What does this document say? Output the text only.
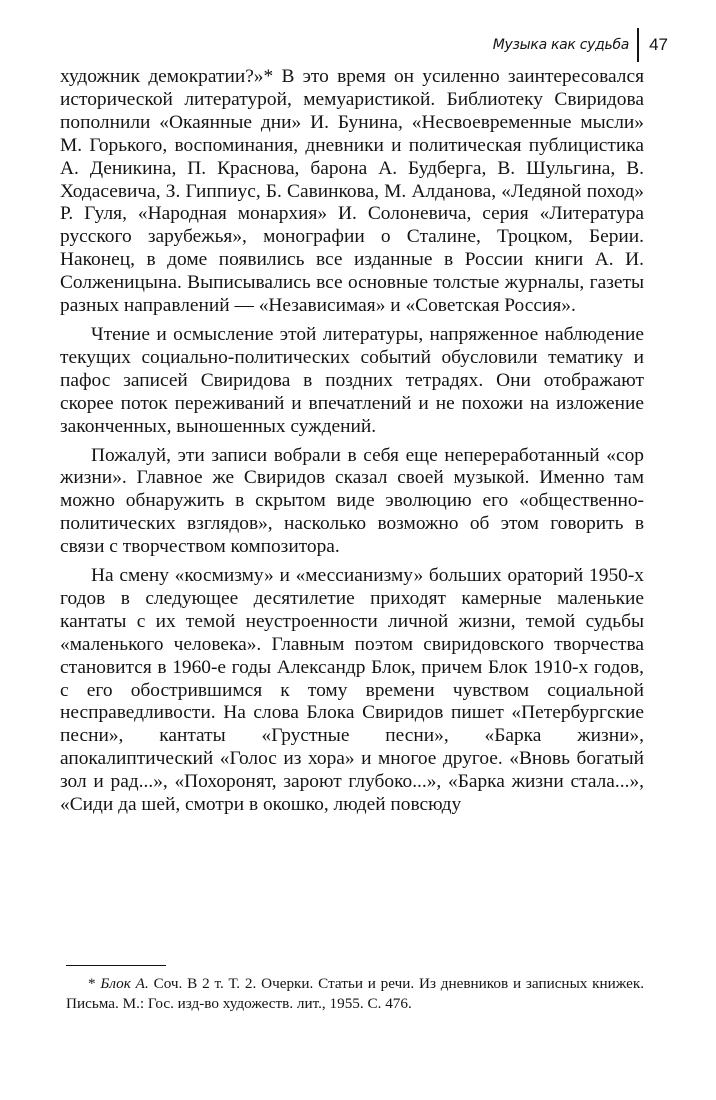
Музыка как судьба	47

художник демократии?»* В это время он усиленно заинтересовался исторической литературой, мемуаристикой. Библиотеку Свиридова пополнили «Окаянные дни» И. Бунина, «Несвоевременные мысли» М. Горького, воспоминания, дневники и политическая публицистика А. Деникина, П. Краснова, барона А. Будберга, В. Шульгина, В. Ходасевича, З. Гиппиус, Б. Савинкова, М. Алданова, «Ледяной поход» Р. Гуля, «Народная монархия» И. Солоневича, серия «Литература русского зарубежья», монографии о Сталине, Троцком, Берии. Наконец, в доме появились все изданные в России книги А. И. Солженицына. Выписывались все основные толстые журналы, газеты разных направлений — «Независимая» и «Советская Россия».

Чтение и осмысление этой литературы, напряженное наблюдение текущих социально-политических событий обусловили тематику и пафос записей Свиридова в поздних тетрадях. Они отображают скорее поток переживаний и впечатлений и не похожи на изложение законченных, выношенных суждений.

Пожалуй, эти записи вобрали в себя еще непереработанный «сор жизни». Главное же Свиридов сказал своей музыкой. Именно там можно обнаружить в скрытом виде эволюцию его «общественно-политических взглядов», насколько возможно об этом говорить в связи с творчеством композитора.

На смену «космизму» и «мессианизму» больших ораторий 1950-х годов в следующее десятилетие приходят камерные маленькие кантаты с их темой неустроенности личной жизни, темой судьбы «маленького человека». Главным поэтом свиридовского творчества становится в 1960-е годы Александр Блок, причем Блок 1910-х годов, с его обострившимся к тому времени чувством социальной несправедливости. На слова Блока Свиридов пишет «Петербургские песни», кантаты «Грустные песни», «Барка жизни», апокалиптический «Голос из хора» и многое другое. «Вновь богатый зол и рад...», «Похоронят, зароют глубоко...», «Барка жизни стала...», «Сиди да шей, смотри в окошко, людей повсюду

* Блок А. Соч. В 2 т. Т. 2. Очерки. Статьи и речи. Из дневников и записных книжек. Письма. М.: Гос. изд-во художеств. лит., 1955. С. 476.
